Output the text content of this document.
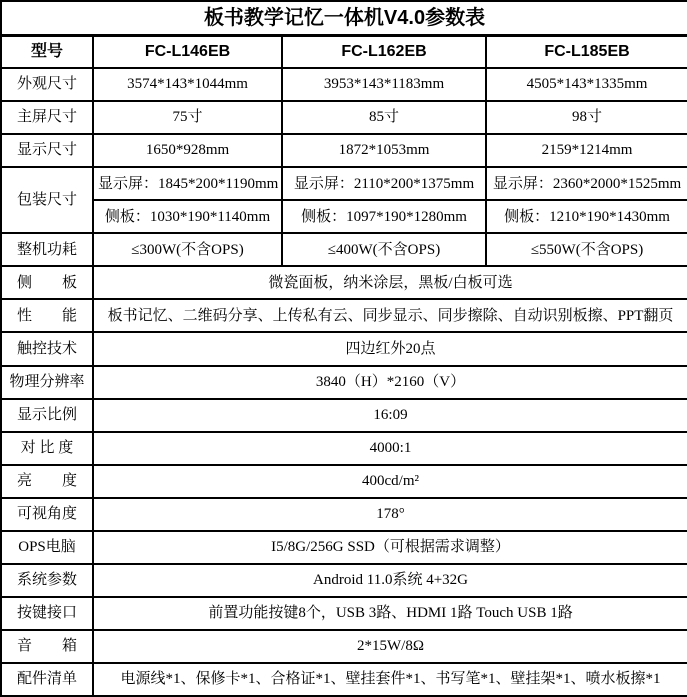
板书教学记忆一体机V4.0参数表			
型号	FC-L146EB	FC-L162EB	FC-L185EB
外观尺寸	3574*143*1044mm	3953*143*1183mm	4505*143*1335mm
主屏尺寸	75寸	85寸	98寸
显示尺寸	1650*928mm	1872*1053mm	2159*1214mm
包装尺寸	显示屏：1845*200*1190mm	显示屏：2110*200*1375mm	显示屏：2360*2000*1525mm
	侧板：1030*190*1140mm	侧板：1097*190*1280mm	侧板：1210*190*1430mm
整机功耗	≤300W(不含OPS)	≤400W(不含OPS)	≤550W(不含OPS)
侧　　板	微瓷面板，纳米涂层，黑板/白板可选		
性　　能	板书记忆、二维码分享、上传私有云、同步显示、同步擦除、自动识别板擦、PPT翻页		
触控技术	四边红外20点		
物理分辨率	3840（H）*2160（V）		
显示比例	16:09		
对 比 度	4000:1		
亮　　度	400cd/m²		
可视角度	178°		
OPS电脑	I5/8G/256G SSD（可根据需求调整）		
系统参数	Android 11.0系统 4+32G		
按键接口	前置功能按键8个，USB 3路、HDMI 1路 Touch USB 1路		
音　　箱	2*15W/8Ω		
配件清单	电源线*1、保修卡*1、合格证*1、壁挂套件*1、书写笔*1、壁挂架*1、喷水板擦*1		
